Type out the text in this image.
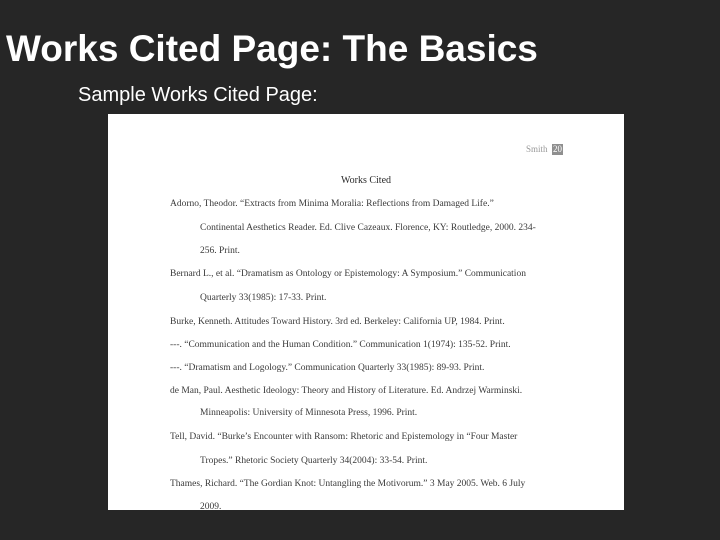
Works Cited Page: The Basics
Sample Works Cited Page:
Smith 20
Works Cited
Adorno, Theodor. “Extracts from Minima Moralia: Reflections from Damaged Life.”
Continental Aesthetics Reader. Ed. Clive Cazeaux. Florence, KY: Routledge, 2000. 234-
256. Print.
Bernard L., et al. “Dramatism as Ontology or Epistemology: A Symposium.” Communication
Quarterly 33(1985): 17-33. Print.
Burke, Kenneth. Attitudes Toward History. 3rd ed. Berkeley: California UP, 1984. Print.
---. “Communication and the Human Condition.” Communication 1(1974): 135-52. Print.
---. “Dramatism and Logology.” Communication Quarterly 33(1985): 89-93. Print.
de Man, Paul. Aesthetic Ideology: Theory and History of Literature. Ed. Andrzej Warminski.
Minneapolis: University of Minnesota Press, 1996. Print.
Tell, David. “Burke’s Encounter with Ransom: Rhetoric and Epistemology in “Four Master
Tropes.” Rhetoric Society Quarterly 34(2004): 33-54. Print.
Thames, Richard. “The Gordian Knot: Untangling the Motivorum.” 3 May 2005. Web. 6 July
2009.
